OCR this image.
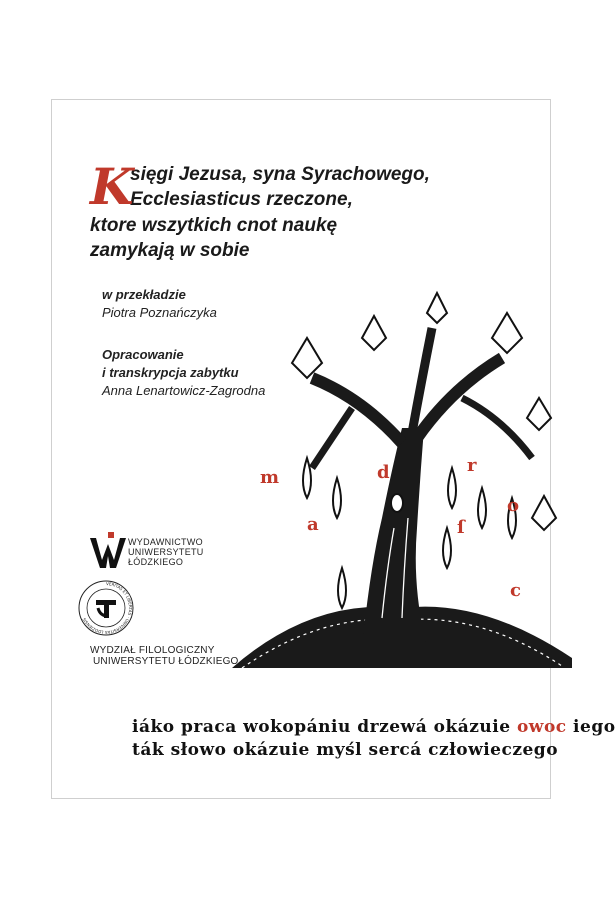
K
sięgi Jezusa, syna Syrachowego,
Ecclesiasticus rzeczone,
ktore wszytkich cnot naukę
zamykają w sobie
w przekładzie
Piotra Poznańczyka
Opracowanie
i transkrypcja zabytku
Anna Lenartowicz-Zagrodna
WYDAWNICTWO
UNIWERSYTETU
ŁÓDZKIEGO
VERITAS ET LIBERTAS · UNIVERSITAS LODZIENSIS
WYDZIAŁ FILOLOGICZNY
UNIWERSYTETU ŁÓDZKIEGO
m	d	r
o
ſ
c
a
iáko praca wokopániu drzewá okázuie owoc iego
ták słowo okázuie myśl sercá człowieczego
